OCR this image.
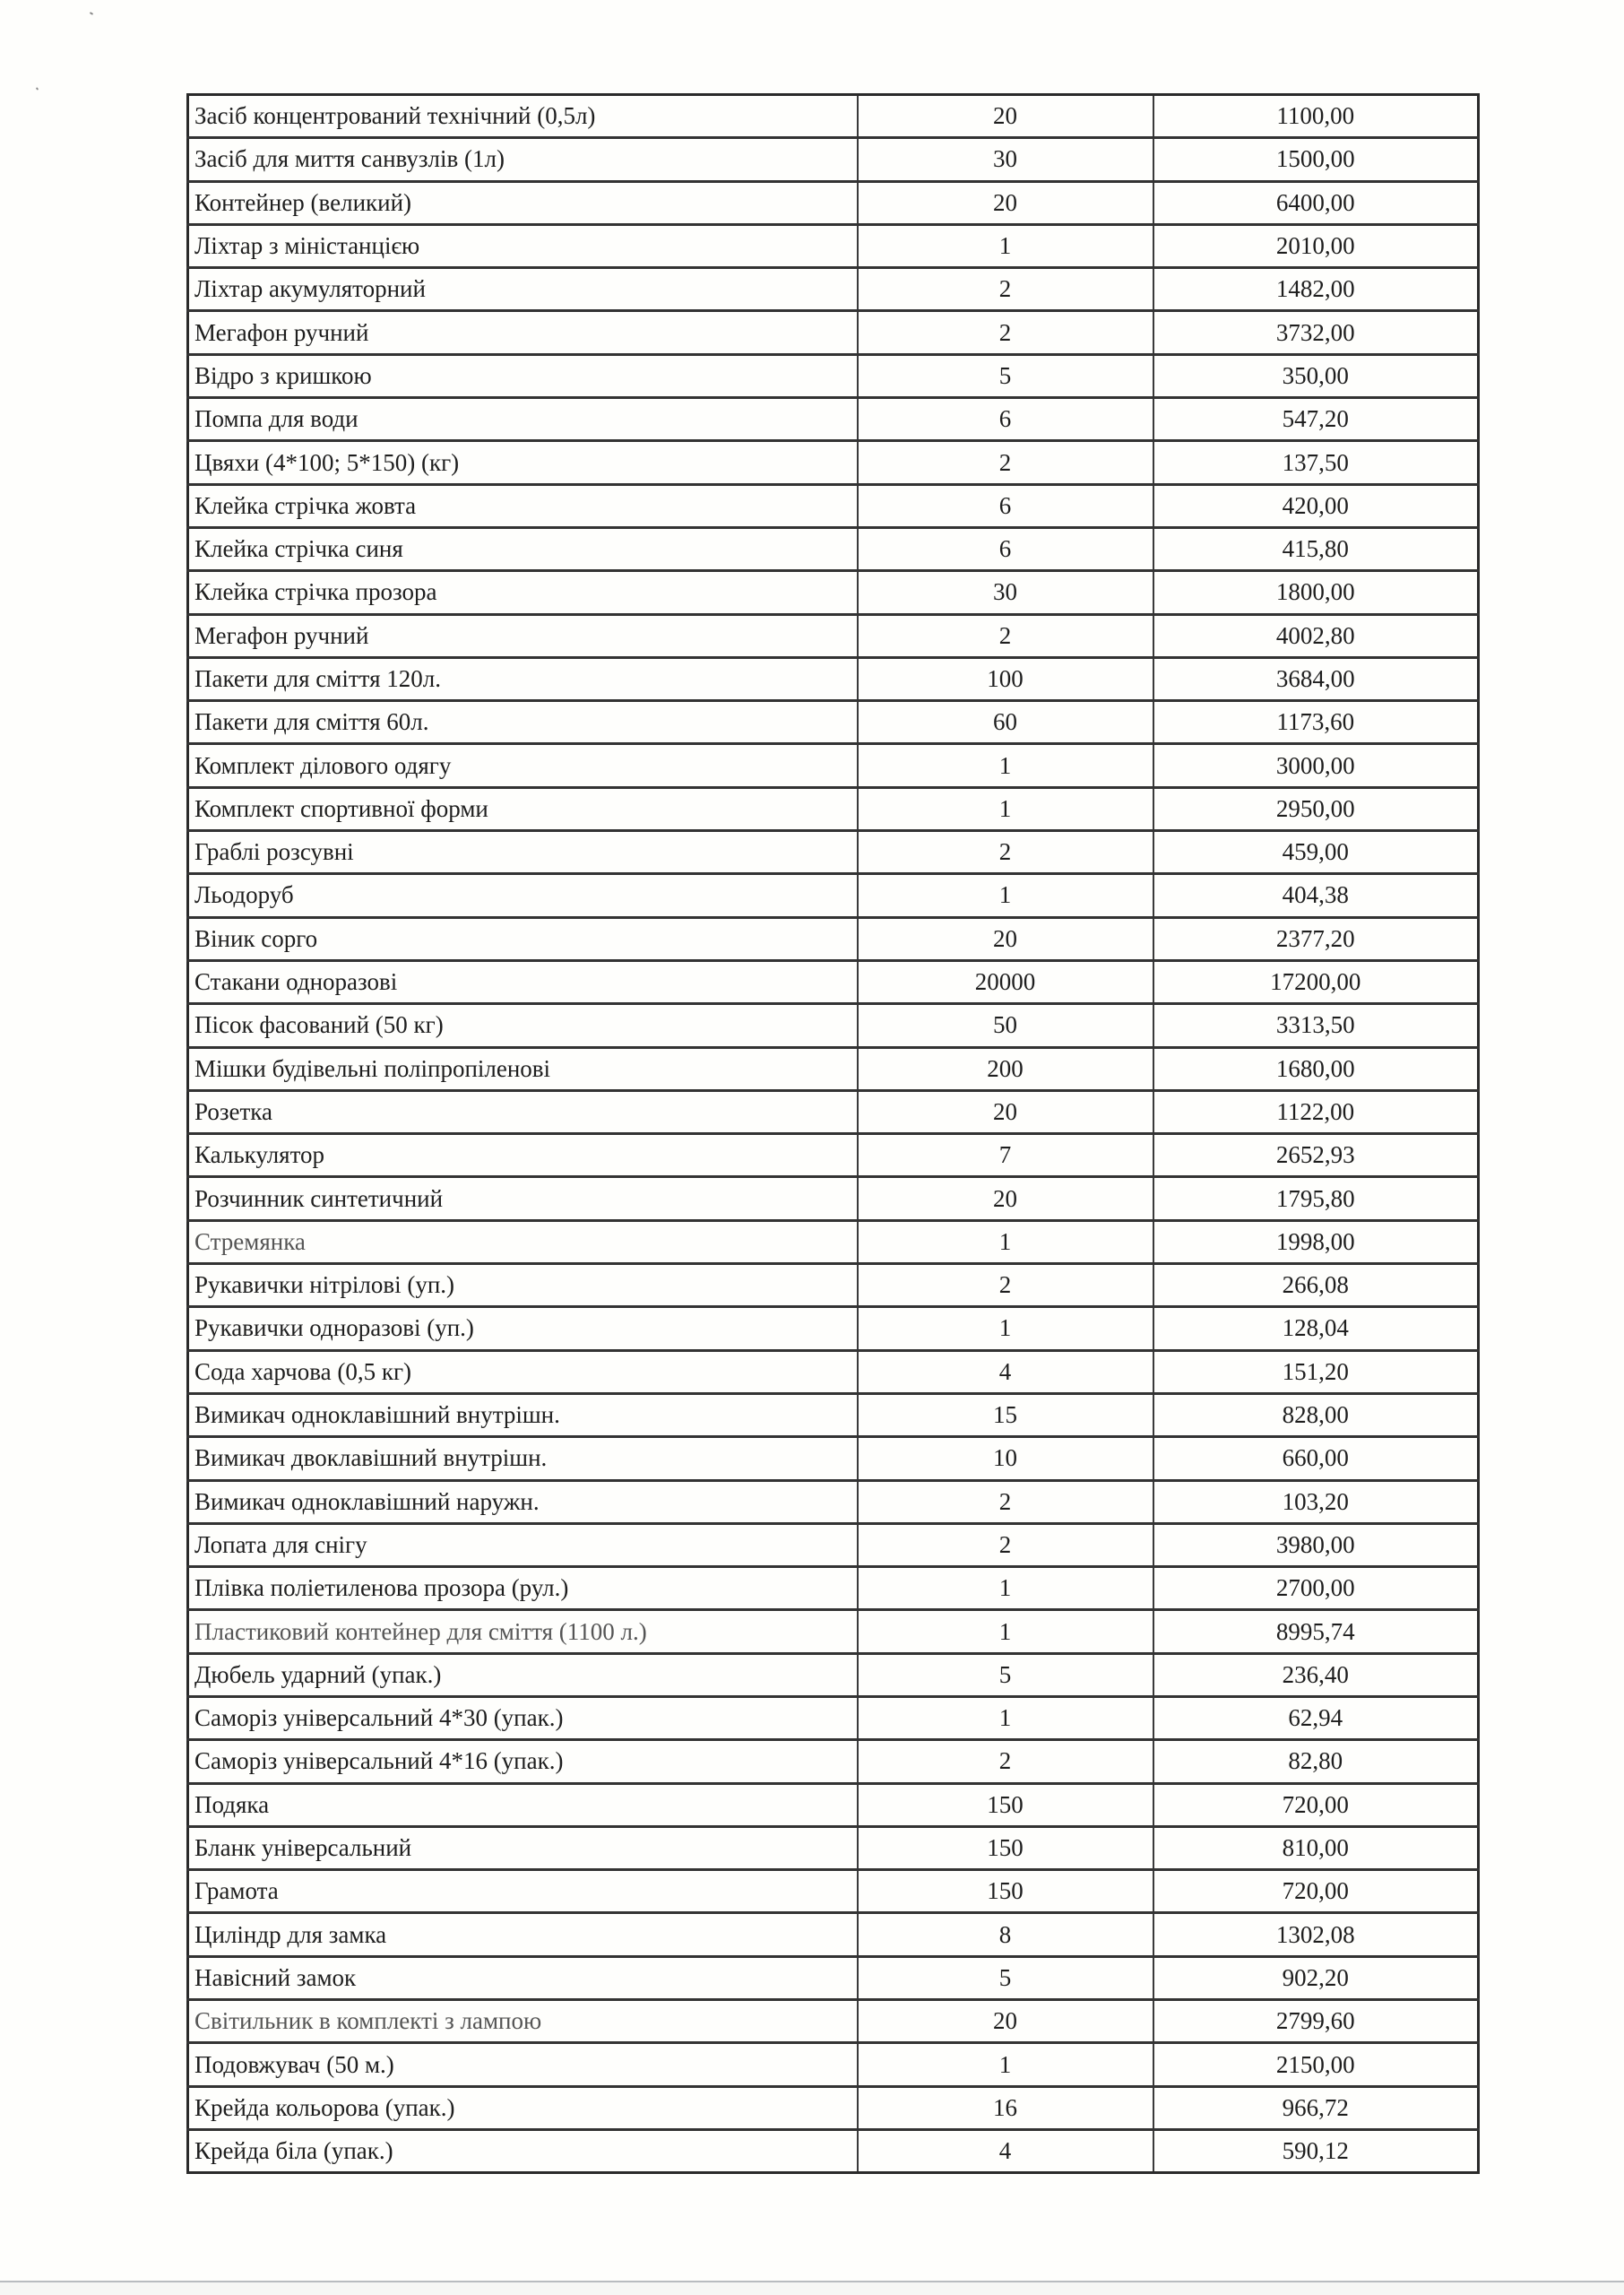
Засіб концентрований технічний (0,5л)	20	1100,00
Засіб для миття санвузлів (1л)	30	1500,00
Контейнер (великий)	20	6400,00
Ліхтар з міністанцією	1	2010,00
Ліхтар акумуляторний	2	1482,00
Мегафон ручний	2	3732,00
Відро з кришкою	5	350,00
Помпа для води	6	547,20
Цвяхи (4*100; 5*150) (кг)	2	137,50
Клейка стрічка жовта	6	420,00
Клейка стрічка синя	6	415,80
Клейка стрічка прозора	30	1800,00
Мегафон ручний	2	4002,80
Пакети для сміття 120л.	100	3684,00
Пакети для сміття 60л.	60	1173,60
Комплект ділового одягу	1	3000,00
Комплект спортивної форми	1	2950,00
Граблі розсувні	2	459,00
Льодоруб	1	404,38
Віник сорго	20	2377,20
Стакани одноразові	20000	17200,00
Пісок фасований (50 кг)	50	3313,50
Мішки будівельні поліпропіленові	200	1680,00
Розетка	20	1122,00
Калькулятор	7	2652,93
Розчинник синтетичний	20	1795,80
Стремянка	1	1998,00
Рукавички нітрілові (уп.)	2	266,08
Рукавички одноразові (уп.)	1	128,04
Сода харчова (0,5 кг)	4	151,20
Вимикач одноклавішний внутрішн.	15	828,00
Вимикач двоклавішний внутрішн.	10	660,00
Вимикач одноклавішний наружн.	2	103,20
Лопата для снігу	2	3980,00
Плівка поліетиленова прозора (рул.)	1	2700,00
Пластиковий контейнер для сміття (1100 л.)	1	8995,74
Дюбель ударний (упак.)	5	236,40
Саморіз універсальний 4*30 (упак.)	1	62,94
Саморіз універсальний 4*16 (упак.)	2	82,80
Подяка	150	720,00
Бланк універсальний	150	810,00
Грамота	150	720,00
Циліндр для замка	8	1302,08
Навісний замок	5	902,20
Світильник в комплекті з лампою	20	2799,60
Подовжувач (50 м.)	1	2150,00
Крейда кольорова (упак.)	16	966,72
Крейда біла (упак.)	4	590,12
